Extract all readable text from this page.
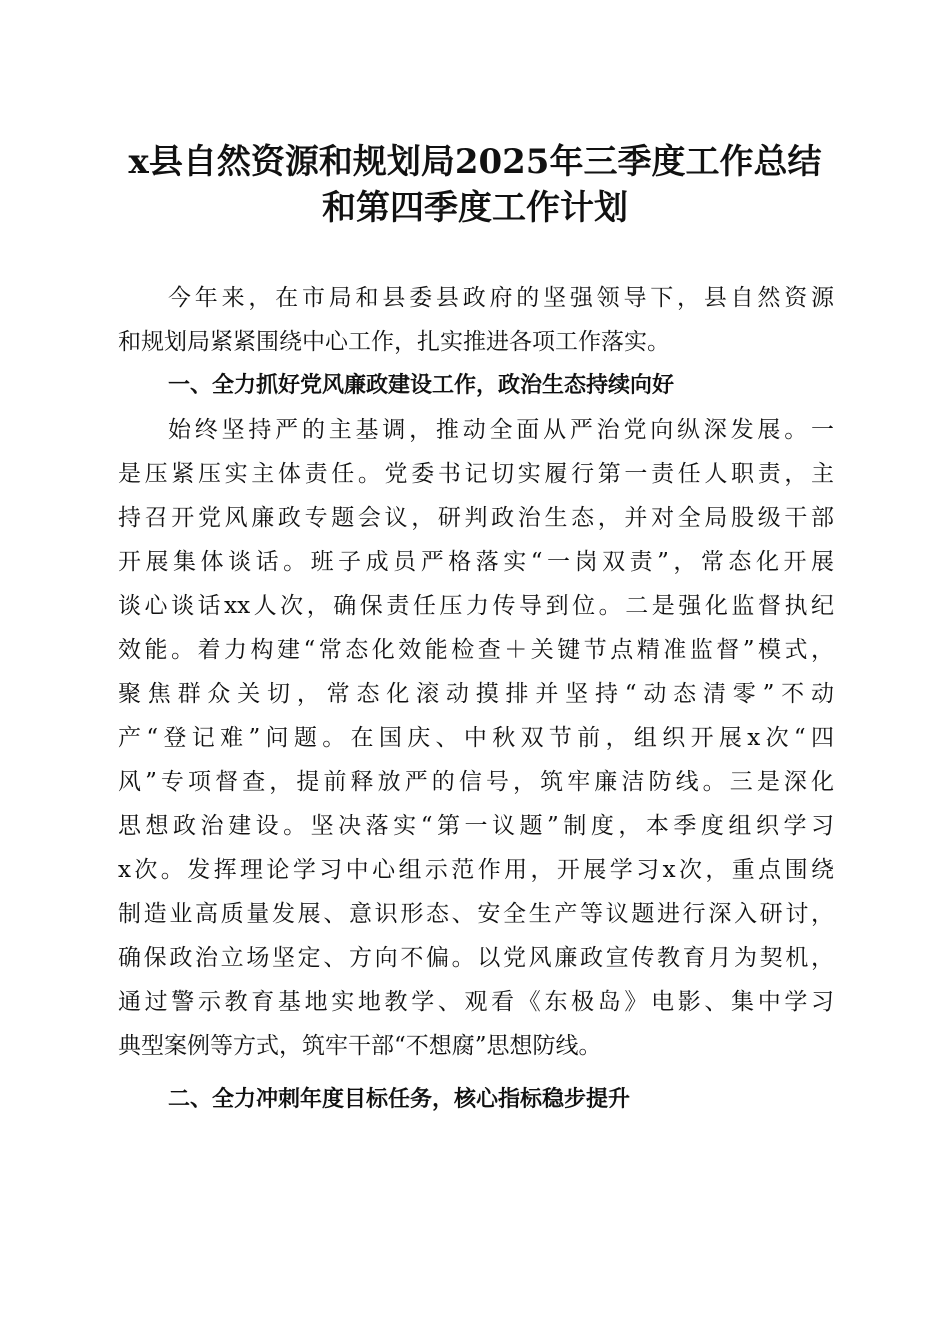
x县自然资源和规划局2025年三季度工作总结
和第四季度工作计划
今年来，在市局和县委县政府的坚强领导下，县自然资源
和规划局紧紧围绕中心工作，扎实推进各项工作落实。
一、全力抓好党风廉政建设工作，政治生态持续向好
始终坚持严的主基调，推动全面从严治党向纵深发展。一
是压紧压实主体责任。党委书记切实履行第一责任人职责，主
持召开党风廉政专题会议，研判政治生态，并对全局股级干部
开展集体谈话。班子成员严格落实“一岗双责”，常态化开展
谈心谈话xx人次，确保责任压力传导到位。二是强化监督执纪
效能。着力构建“常态化效能检查＋关键节点精准监督”模式，
聚焦群众关切，常态化滚动摸排并坚持“动态清零”不动
产“登记难”问题。在国庆、中秋双节前，组织开展x次“四
风”专项督查，提前释放严的信号，筑牢廉洁防线。三是深化
思想政治建设。坚决落实“第一议题”制度，本季度组织学习
x次。发挥理论学习中心组示范作用，开展学习x次，重点围绕
制造业高质量发展、意识形态、安全生产等议题进行深入研讨，
确保政治立场坚定、方向不偏。以党风廉政宣传教育月为契机，
通过警示教育基地实地教学、观看《东极岛》电影、集中学习
典型案例等方式，筑牢干部“不想腐”思想防线。
二、全力冲刺年度目标任务，核心指标稳步提升
